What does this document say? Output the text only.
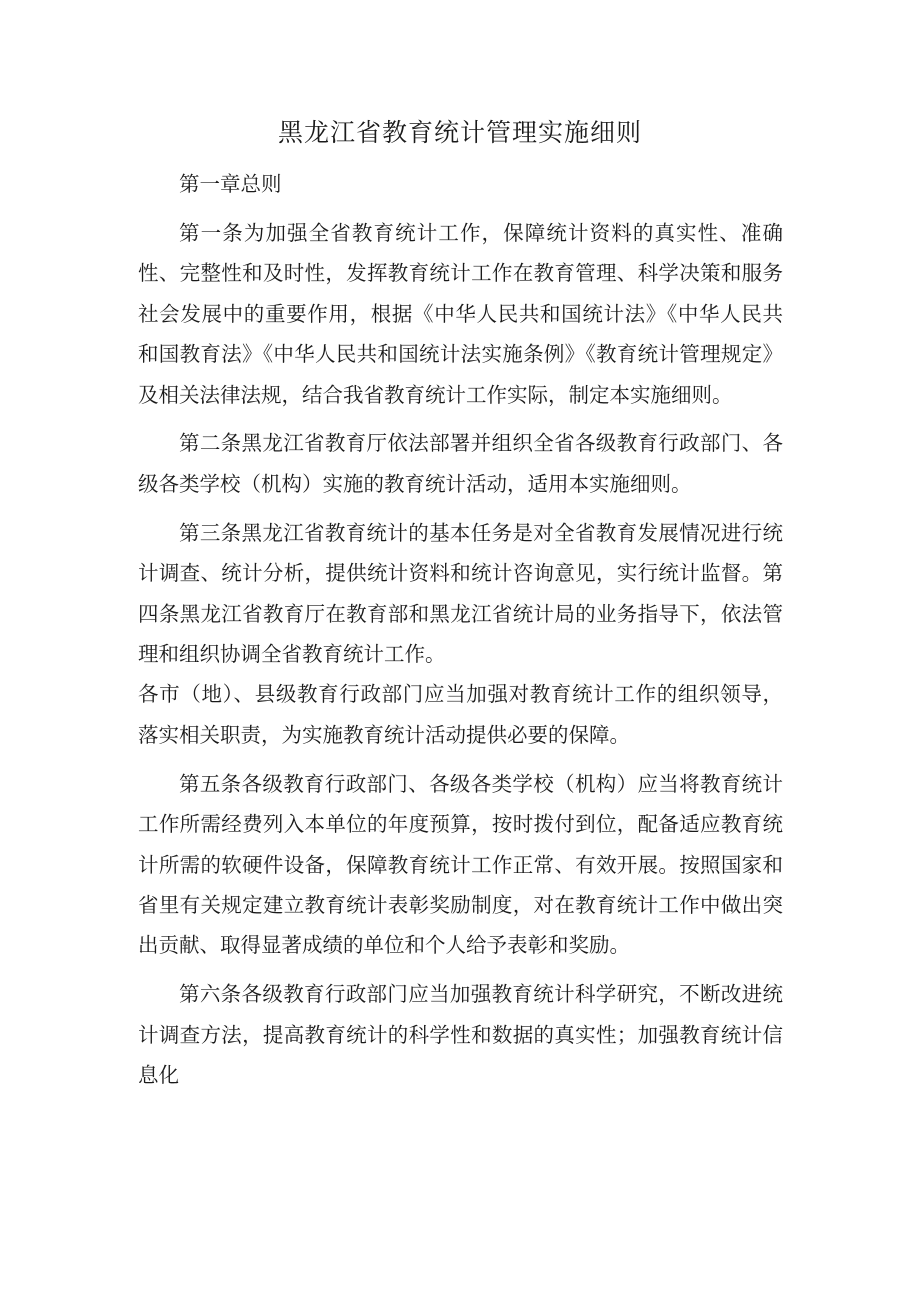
黑龙江省教育统计管理实施细则

第一章总则

第一条为加强全省教育统计工作，保障统计资料的真实性、准确性、完整性和及时性，发挥教育统计工作在教育管理、科学决策和服务社会发展中的重要作用，根据《中华人民共和国统计法》《中华人民共和国教育法》《中华人民共和国统计法实施条例》《教育统计管理规定》及相关法律法规，结合我省教育统计工作实际，制定本实施细则。

第二条黑龙江省教育厅依法部署并组织全省各级教育行政部门、各级各类学校（机构）实施的教育统计活动，适用本实施细则。

第三条黑龙江省教育统计的基本任务是对全省教育发展情况进行统计调查、统计分析，提供统计资料和统计咨询意见，实行统计监督。第四条黑龙江省教育厅在教育部和黑龙江省统计局的业务指导下，依法管理和组织协调全省教育统计工作。

各市（地）、县级教育行政部门应当加强对教育统计工作的组织领导，落实相关职责，为实施教育统计活动提供必要的保障。

第五条各级教育行政部门、各级各类学校（机构）应当将教育统计工作所需经费列入本单位的年度预算，按时拨付到位，配备适应教育统计所需的软硬件设备，保障教育统计工作正常、有效开展。按照国家和省里有关规定建立教育统计表彰奖励制度，对在教育统计工作中做出突出贡献、取得显著成绩的单位和个人给予表彰和奖励。

第六条各级教育行政部门应当加强教育统计科学研究，不断改进统计调查方法，提高教育统计的科学性和数据的真实性；加强教育统计信息化
